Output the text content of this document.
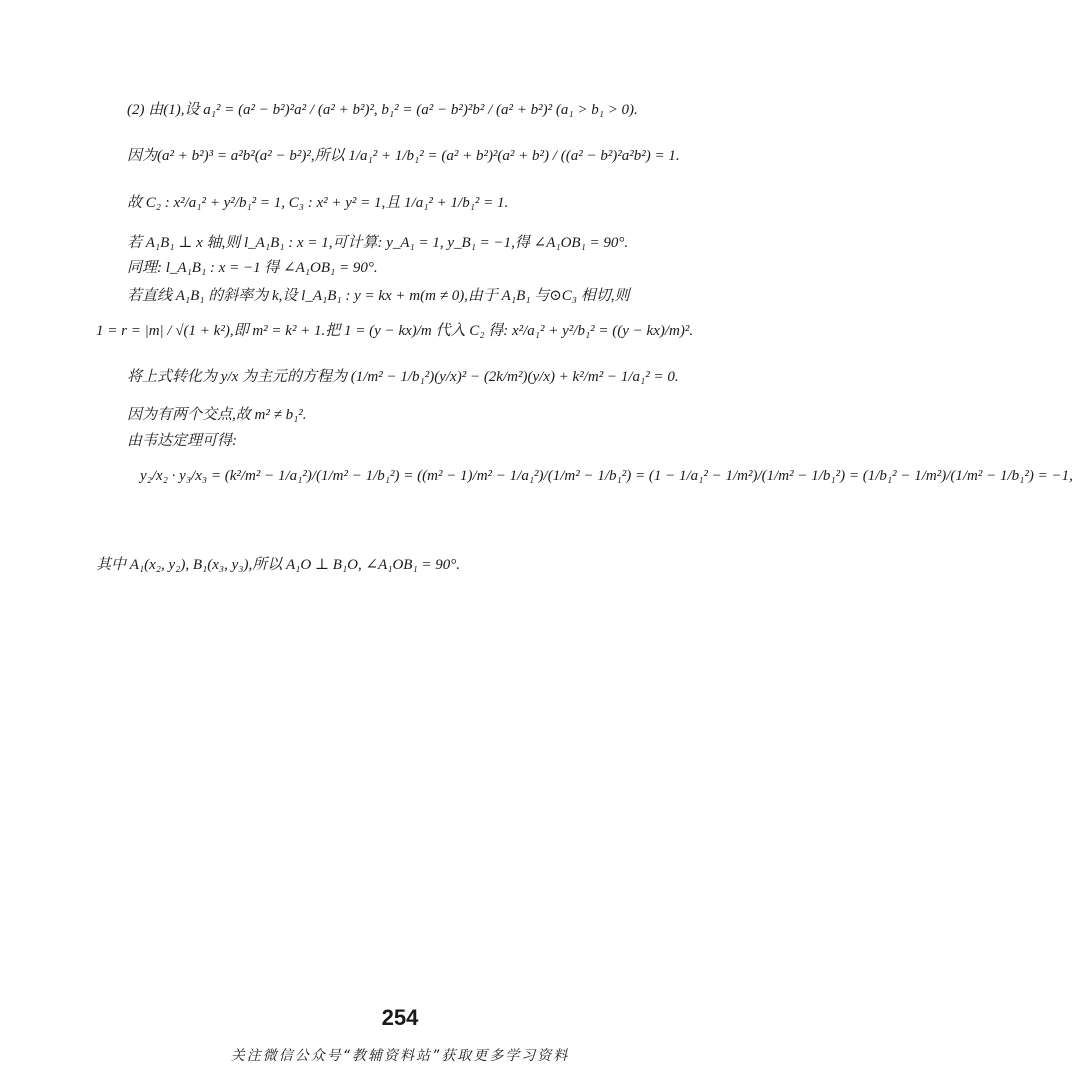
(2) 由(1),设 a₁² = (a² − b²)²a² / (a² + b²)², b₁² = (a² − b²)²b² / (a² + b²)² (a₁ > b₁ > 0).
因为(a² + b²)³ = a²b²(a² − b²)²,所以 1/a₁² + 1/b₁² = (a² + b²)²(a² + b²) / ((a² − b²)²a²b²) = 1.
故 C₂ : x²/a₁² + y²/b₁² = 1, C₃ : x² + y² = 1,且 1/a₁² + 1/b₁² = 1.
若 A₁B₁ ⊥ x 轴,则 l_A₁B₁ : x = 1,可计算: y_A₁ = 1, y_B₁ = −1,得 ∠A₁OB₁ = 90°.
同理: l_A₁B₁ : x = −1 得 ∠A₁OB₁ = 90°.
若直线 A₁B₁ 的斜率为 k,设 l_A₁B₁ : y = kx + m(m ≠ 0),由于 A₁B₁ 与⊙C₃ 相切,则
1 = r = |m| / √(1 + k²),即 m² = k² + 1.把 1 = (y − kx)/m 代入 C₂ 得: x²/a₁² + y²/b₁² = ((y − kx)/m)².
将上式转化为 y/x 为主元的方程为 (1/m² − 1/b₁²)(y/x)² − (2k/m²)(y/x) + k²/m² − 1/a₁² = 0.
因为有两个交点,故 m² ≠ b₁².
由韦达定理可得:
y₂/x₂ · y₃/x₃ = (k²/m² − 1/a₁²)/(1/m² − 1/b₁²) = ((m² − 1)/m² − 1/a₁²)/(1/m² − 1/b₁²) = (1 − 1/a₁² − 1/m²)/(1/m² − 1/b₁²) = (1/b₁² − 1/m²)/(1/m² − 1/b₁²) = −1,
其中 A₁(x₂, y₂), B₁(x₃, y₃),所以 A₁O ⊥ B₁O, ∠A₁OB₁ = 90°.
254
关注微信公众号“教辅资料站”获取更多学习资料
